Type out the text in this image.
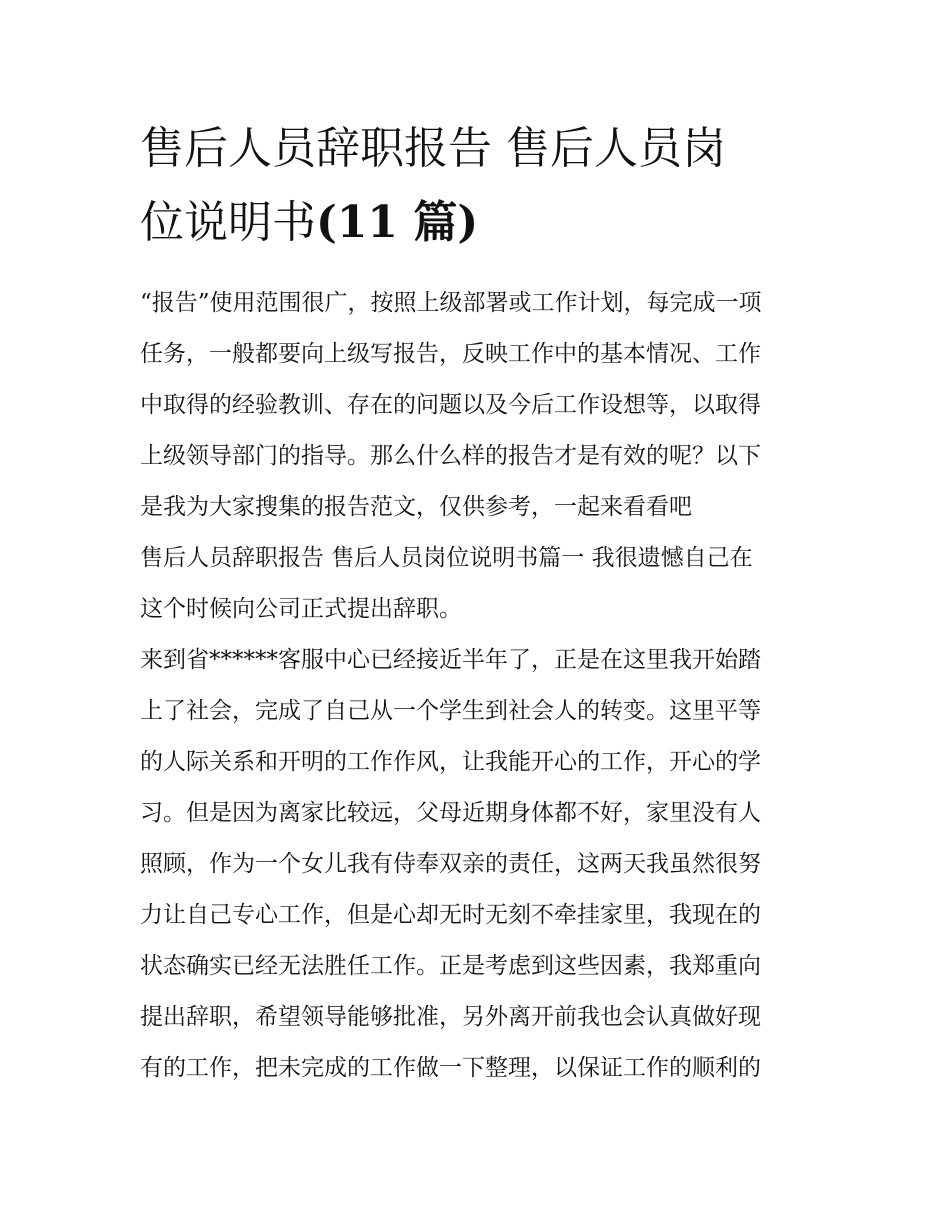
售后人员辞职报告 售后人员岗
位说明书(11 篇)

“报告”使用范围很广，按照上级部署或工作计划，每完成一项
任务，一般都要向上级写报告，反映工作中的基本情况、工作
中取得的经验教训、存在的问题以及今后工作设想等，以取得
上级领导部门的指导。那么什么样的报告才是有效的呢？以下
是我为大家搜集的报告范文，仅供参考，一起来看看吧

售后人员辞职报告 售后人员岗位说明书篇一 我很遗憾自己在
这个时候向公司正式提出辞职。

来到省******客服中心已经接近半年了，正是在这里我开始踏
上了社会，完成了自己从一个学生到社会人的转变。这里平等
的人际关系和开明的工作作风，让我能开心的工作，开心的学
习。但是因为离家比较远，父母近期身体都不好，家里没有人
照顾，作为一个女儿我有侍奉双亲的责任，这两天我虽然很努
力让自己专心工作，但是心却无时无刻不牵挂家里，我现在的
状态确实已经无法胜任工作。正是考虑到这些因素，我郑重向
提出辞职，希望领导能够批准，另外离开前我也会认真做好现
有的工作，把未完成的工作做一下整理，以保证工作的顺利的
